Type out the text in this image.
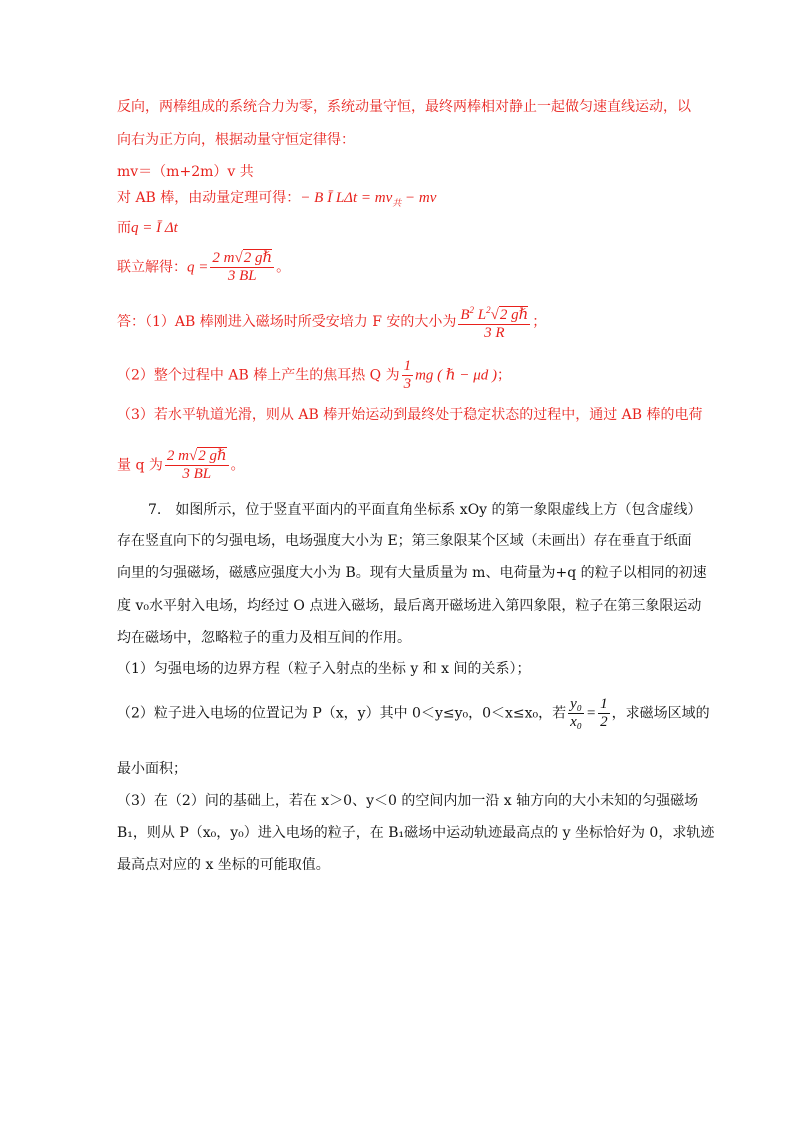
反向，两棒组成的系统合力为零，系统动量守恒，最终两棒相对静止一起做匀速直线运动，以
向右为正方向，根据动量守恒定律得：
mv＝（m+2m）v 共
对 AB 棒，由动量定理可得：− B Ī $L\Delta t = mv_共$ − mv
而q = Ī Δt
联立解得：$q = \frac{\text{2 m√2 gℏ}}{3 BL}$ 。
答：（1）AB 棒刚进入磁场时所受安培力 F 安的大小为 $\frac{B^2 L^2√2 g\hbar}{3 R}$ ；
（2）整个过程中 AB 棒上产生的焦耳热 Q 为 $\frac{1}{3}$ mg ( ℏ − μd )；
（3）若水平轨道光滑，则从 AB 棒开始运动到最终处于稳定状态的过程中，通过 AB 棒的电荷
量 q 为 $\frac{\text{2 m√2 gℏ}}{3 BL}$ 。
7.　如图所示，位于竖直平面内的平面直角坐标系 xOy 的第一象限虚线上方（包含虚线）
存在竖直向下的匀强电场，电场强度大小为 E；第三象限某个区域（未画出）存在垂直于纸面
向里的匀强磁场，磁感应强度大小为 B。现有大量质量为 m、电荷量为+q 的粒子以相同的初速
度 v₀水平射入电场，均经过 O 点进入磁场，最后离开磁场进入第四象限，粒子在第三象限运动
均在磁场中，忽略粒子的重力及相互间的作用。
（1）匀强电场的边界方程（粒子入射点的坐标 y 和 x 间的关系）；
（2）粒子进入电场的位置记为 P（x，y）其中 0＜y≤y₀，0＜x≤x₀，若 $\frac{\text{y₀}}{\text{x₀}} = \frac{1}{2}$ ，求磁场区域的
最小面积；
（3）在（2）问的基础上，若在 x＞0、y＜0 的空间内加一沿 x 轴方向的大小未知的匀强磁场
B₁，则从 P（x₀，y₀）进入电场的粒子，在 B₁磁场中运动轨迹最高点的 y 坐标恰好为 0，求轨迹
最高点对应的 x 坐标的可能取值。
